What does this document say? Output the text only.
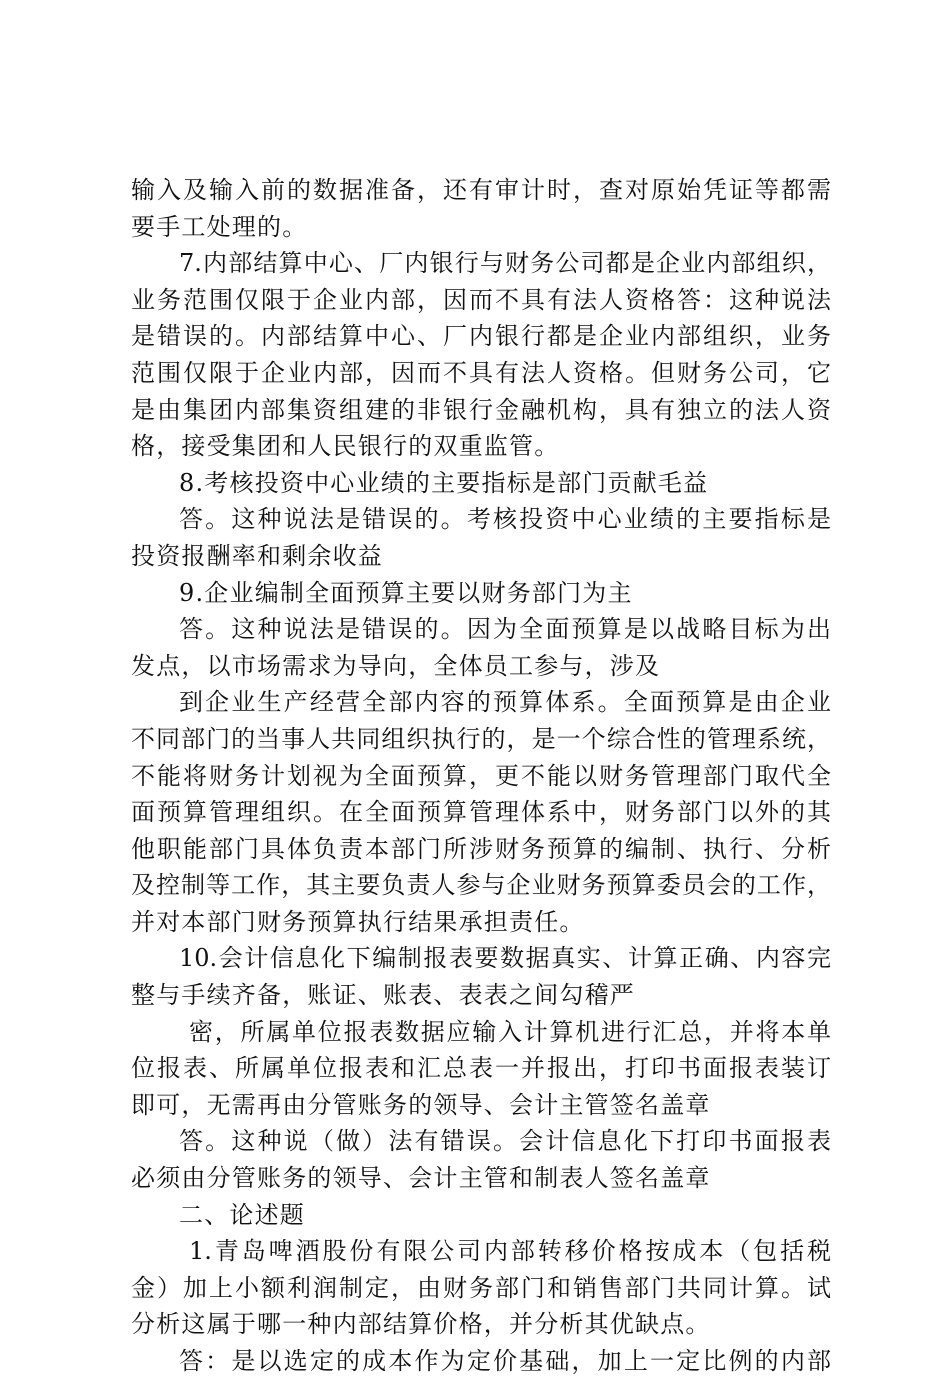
输入及输入前的数据准备，还有审计时，查对原始凭证等都需
要手工处理的。
7.内部结算中心、厂内银行与财务公司都是企业内部组织，
业务范围仅限于企业内部，因而不具有法人资格答：这种说法
是错误的。内部结算中心、厂内银行都是企业内部组织，业务
范围仅限于企业内部，因而不具有法人资格。但财务公司，它
是由集团内部集资组建的非银行金融机构，具有独立的法人资
格，接受集团和人民银行的双重监管。
8.考核投资中心业绩的主要指标是部门贡献毛益
答。这种说法是错误的。考核投资中心业绩的主要指标是
投资报酬率和剩余收益
9.企业编制全面预算主要以财务部门为主
答。这种说法是错误的。因为全面预算是以战略目标为出
发点，以市场需求为导向，全体员工参与，涉及
到企业生产经营全部内容的预算体系。全面预算是由企业
不同部门的当事人共同组织执行的，是一个综合性的管理系统，
不能将财务计划视为全面预算，更不能以财务管理部门取代全
面预算管理组织。在全面预算管理体系中，财务部门以外的其
他职能部门具体负责本部门所涉财务预算的编制、执行、分析
及控制等工作，其主要负责人参与企业财务预算委员会的工作，
并对本部门财务预算执行结果承担责任。
10.会计信息化下编制报表要数据真实、计算正确、内容完
整与手续齐备，账证、账表、表表之间勾稽严
密，所属单位报表数据应输入计算机进行汇总，并将本单
位报表、所属单位报表和汇总表一并报出，打印书面报表装订
即可，无需再由分管账务的领导、会计主管签名盖章
答。这种说（做）法有错误。会计信息化下打印书面报表
必须由分管账务的领导、会计主管和制表人签名盖章
二、论述题
1.青岛啤酒股份有限公司内部转移价格按成本（包括税
金）加上小额利润制定，由财务部门和销售部门共同计算。试
分析这属于哪一种内部结算价格，并分析其优缺点。
答：是以选定的成本作为定价基础，加上一定比例的内部
